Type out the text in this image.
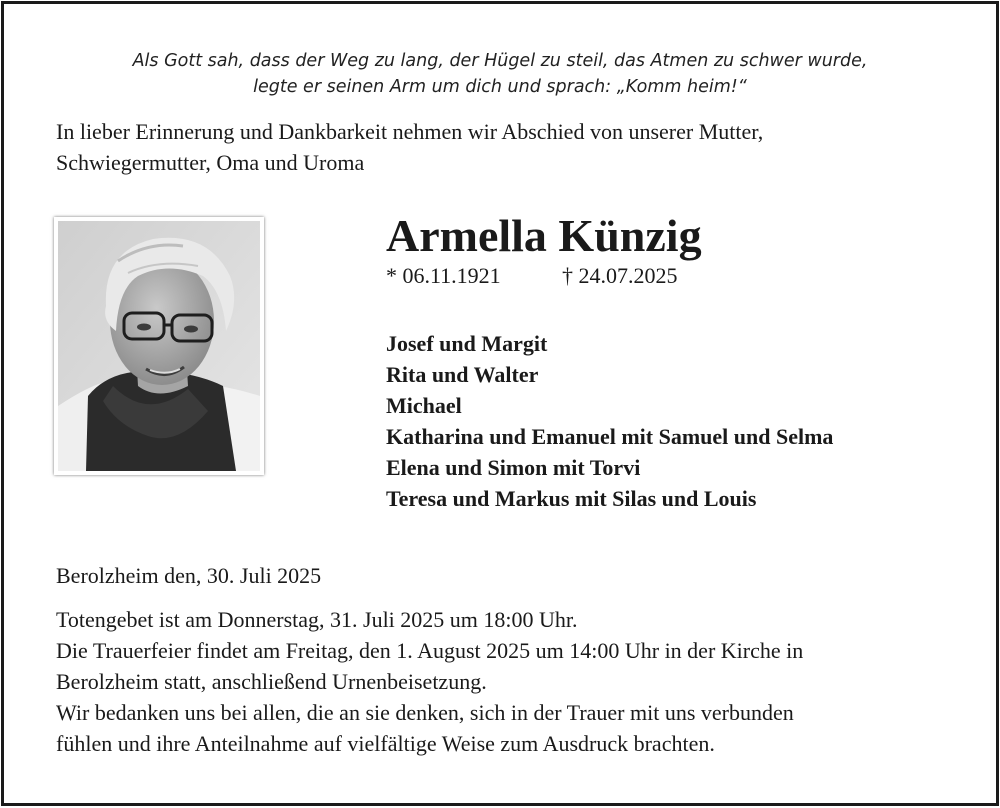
Als Gott sah, dass der Weg zu lang, der Hügel zu steil, das Atmen zu schwer wurde,
legte er seinen Arm um dich und sprach: „Komm heim!“
In lieber Erinnerung und Dankbarkeit nehmen wir Abschied von unserer Mutter,
Schwiegermutter, Oma und Uroma
Armella Künzig
* 06.11.1921	† 24.07.2025
Josef und Margit
Rita und Walter
Michael
Katharina und Emanuel mit Samuel und Selma
Elena und Simon mit Torvi
Teresa und Markus mit Silas und Louis
Berolzheim den, 30. Juli 2025
Totengebet ist am Donnerstag, 31. Juli 2025 um 18:00 Uhr.
Die Trauerfeier findet am Freitag, den 1. August 2025 um 14:00 Uhr in der Kirche in
Berolzheim statt, anschließend Urnenbeisetzung.
Wir bedanken uns bei allen, die an sie denken, sich in der Trauer mit uns verbunden
fühlen und ihre Anteilnahme auf vielfältige Weise zum Ausdruck brachten.
